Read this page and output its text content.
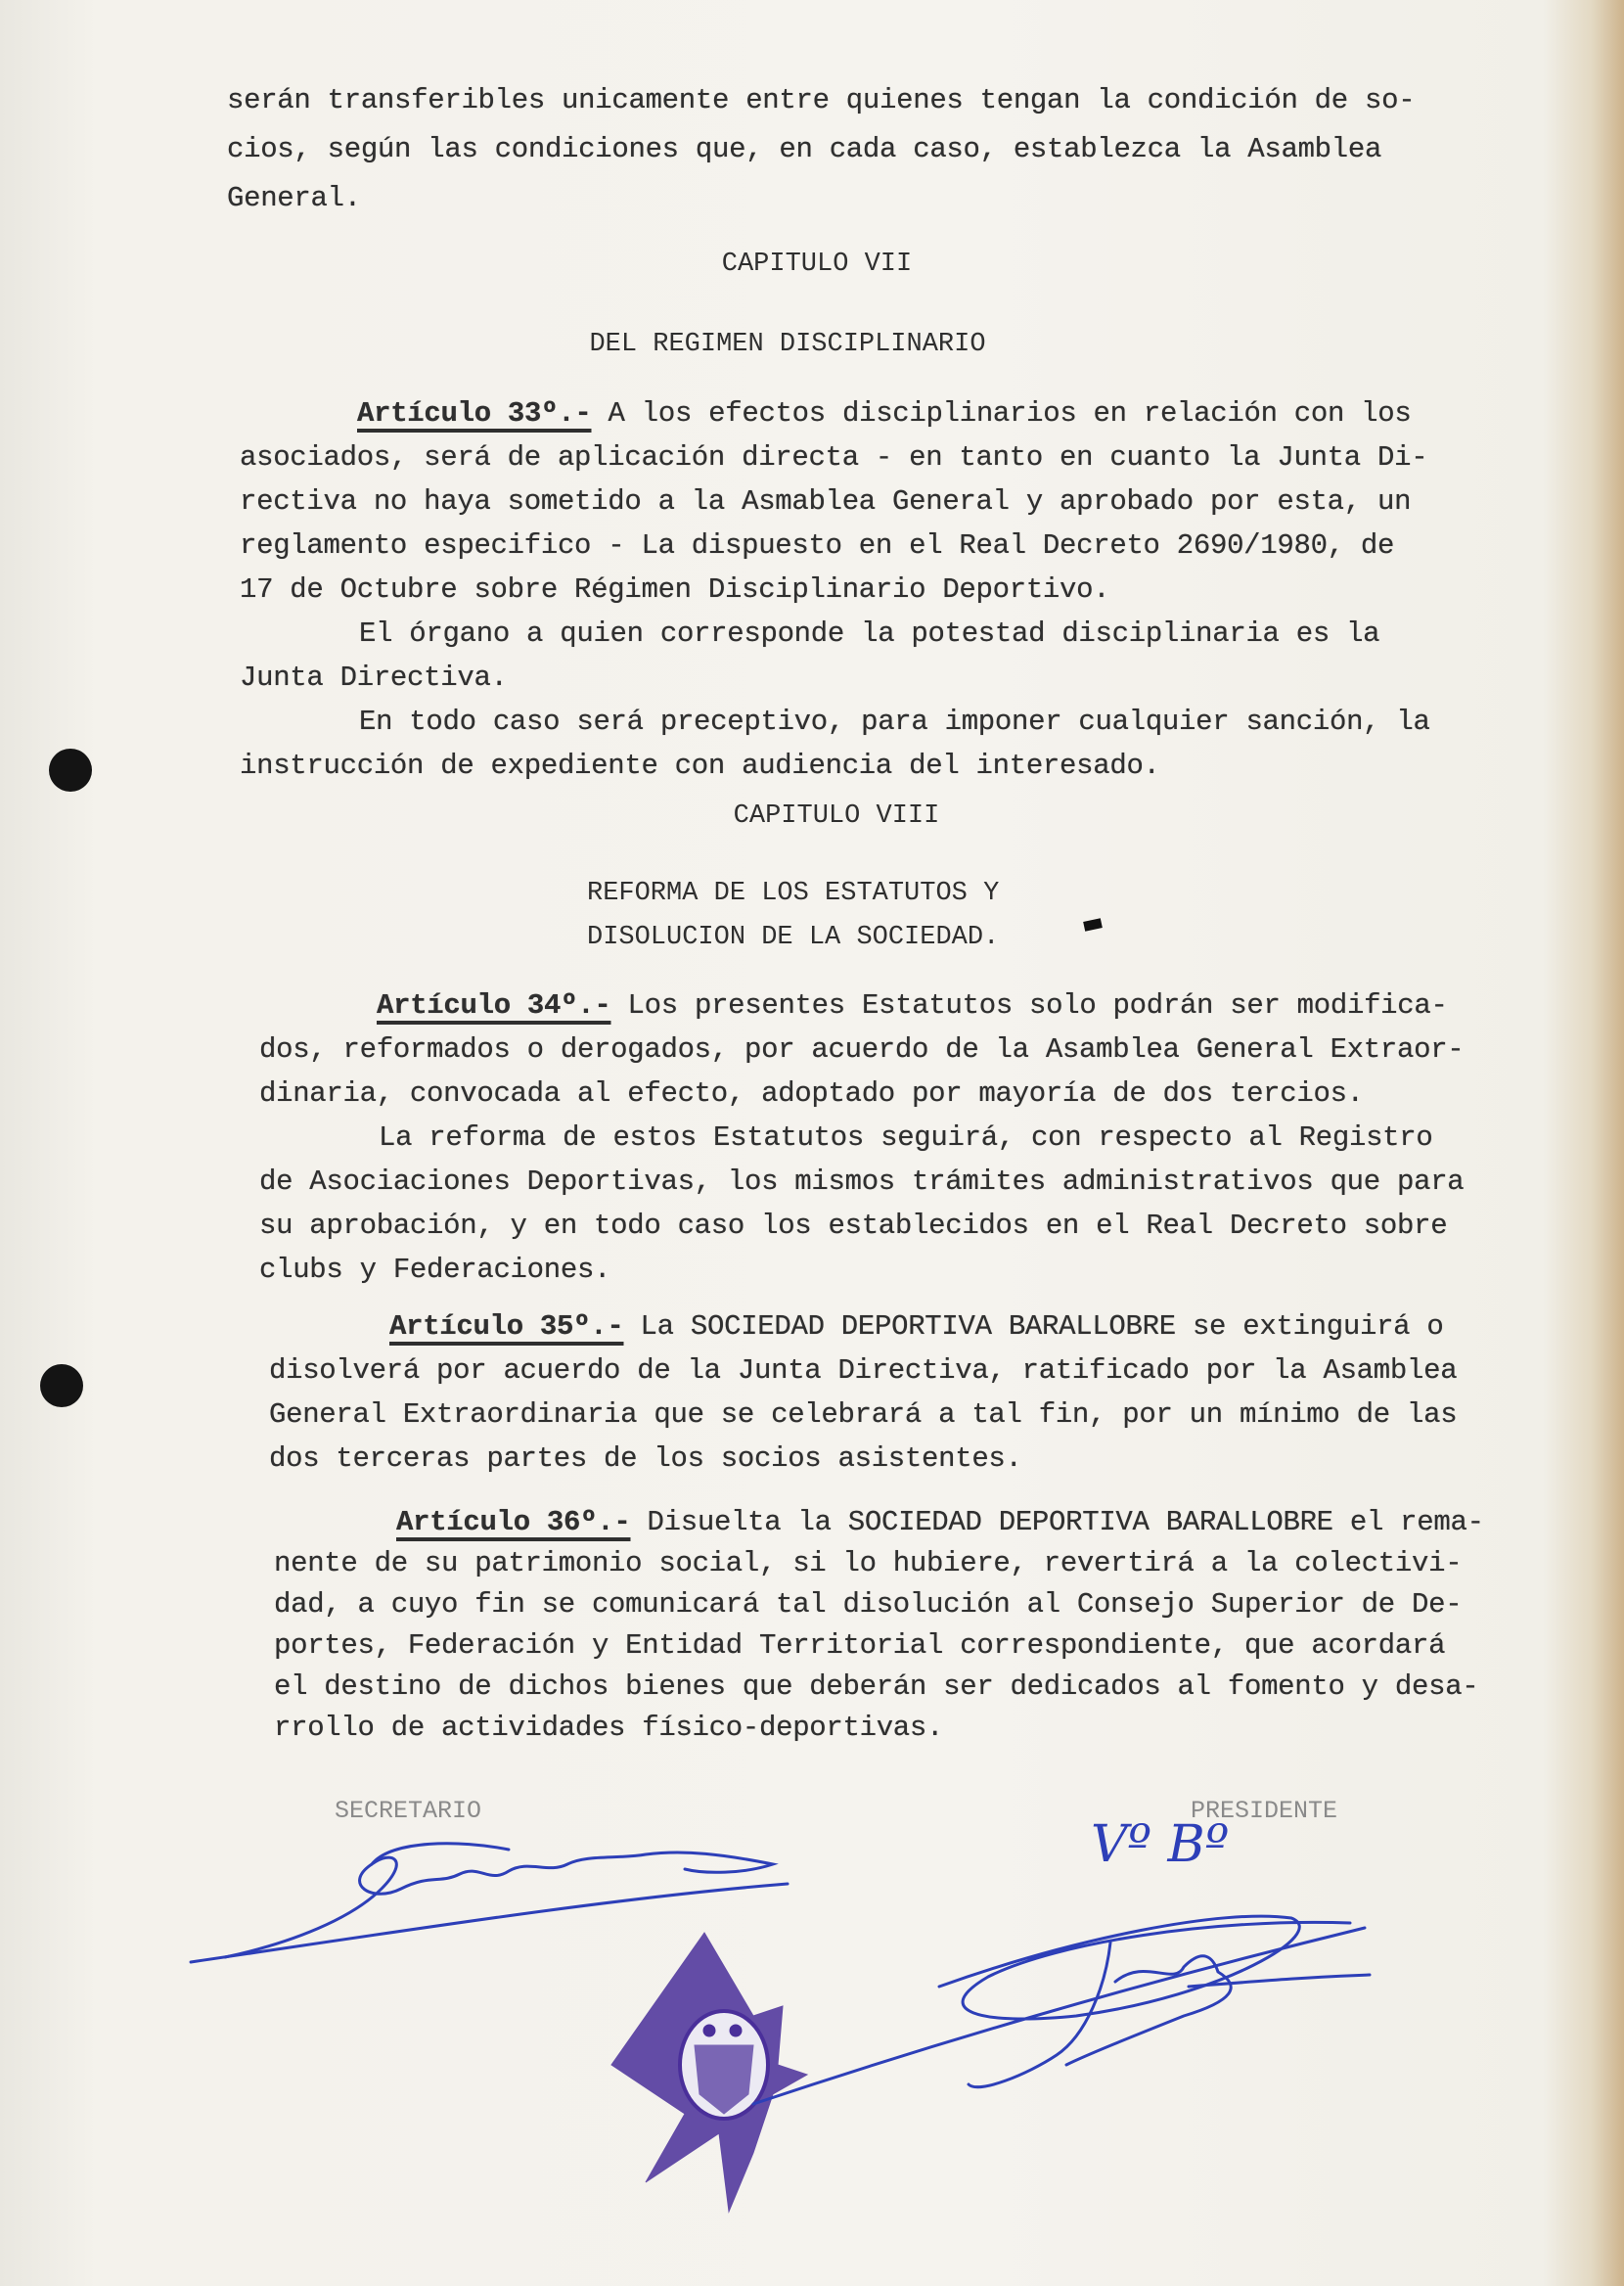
serán transferibles unicamente entre quienes tengan la condición de so-
cios, según las condiciones que, en cada caso, establezca la Asamblea
General.
CAPITULO VII
DEL REGIMEN DISCIPLINARIO
Artículo 33º.- A los efectos disciplinarios en relación con los
asociados, será de aplicación directa - en tanto en cuanto la Junta Di-
rectiva no haya sometido a la Asmablea General y aprobado por esta, un
reglamento especifico - La dispuesto en el Real Decreto 2690/1980, de
17 de Octubre sobre Régimen Disciplinario Deportivo.
El órgano a quien corresponde la potestad disciplinaria es la
Junta Directiva.
En todo caso será preceptivo, para imponer cualquier sanción, la
instrucción de expediente con audiencia del interesado.
CAPITULO VIII
REFORMA DE LOS ESTATUTOS Y
DISOLUCION DE LA SOCIEDAD.
Artículo 34º.- Los presentes Estatutos solo podrán ser modifica-
dos, reformados o derogados, por acuerdo de la Asamblea General Extraor-
dinaria, convocada al efecto, adoptado por mayoría de dos tercios.
La reforma de estos Estatutos seguirá, con respecto al Registro
de Asociaciones Deportivas, los mismos trámites administrativos que para
su aprobación, y en todo caso los establecidos en el Real Decreto sobre
clubs y Federaciones.
Artículo 35º.- La SOCIEDAD DEPORTIVA BARALLOBRE se extinguirá o
disolverá por acuerdo de la Junta Directiva, ratificado por la Asamblea
General Extraordinaria que se celebrará a tal fin, por un mínimo de las
dos terceras partes de los socios asistentes.
Artículo 36º.- Disuelta la SOCIEDAD DEPORTIVA BARALLOBRE el rema-
nente de su patrimonio social, si lo hubiere, revertirá a la colectivi-
dad, a cuyo fin se comunicará tal disolución al Consejo Superior de De-
portes, Federación y Entidad Territorial correspondiente, que acordará
el destino de dichos bienes que deberán ser dedicados al fomento y desa-
rrollo de actividades físico-deportivas.
SECRETARIO	PRESIDENTE
Vº Bº
